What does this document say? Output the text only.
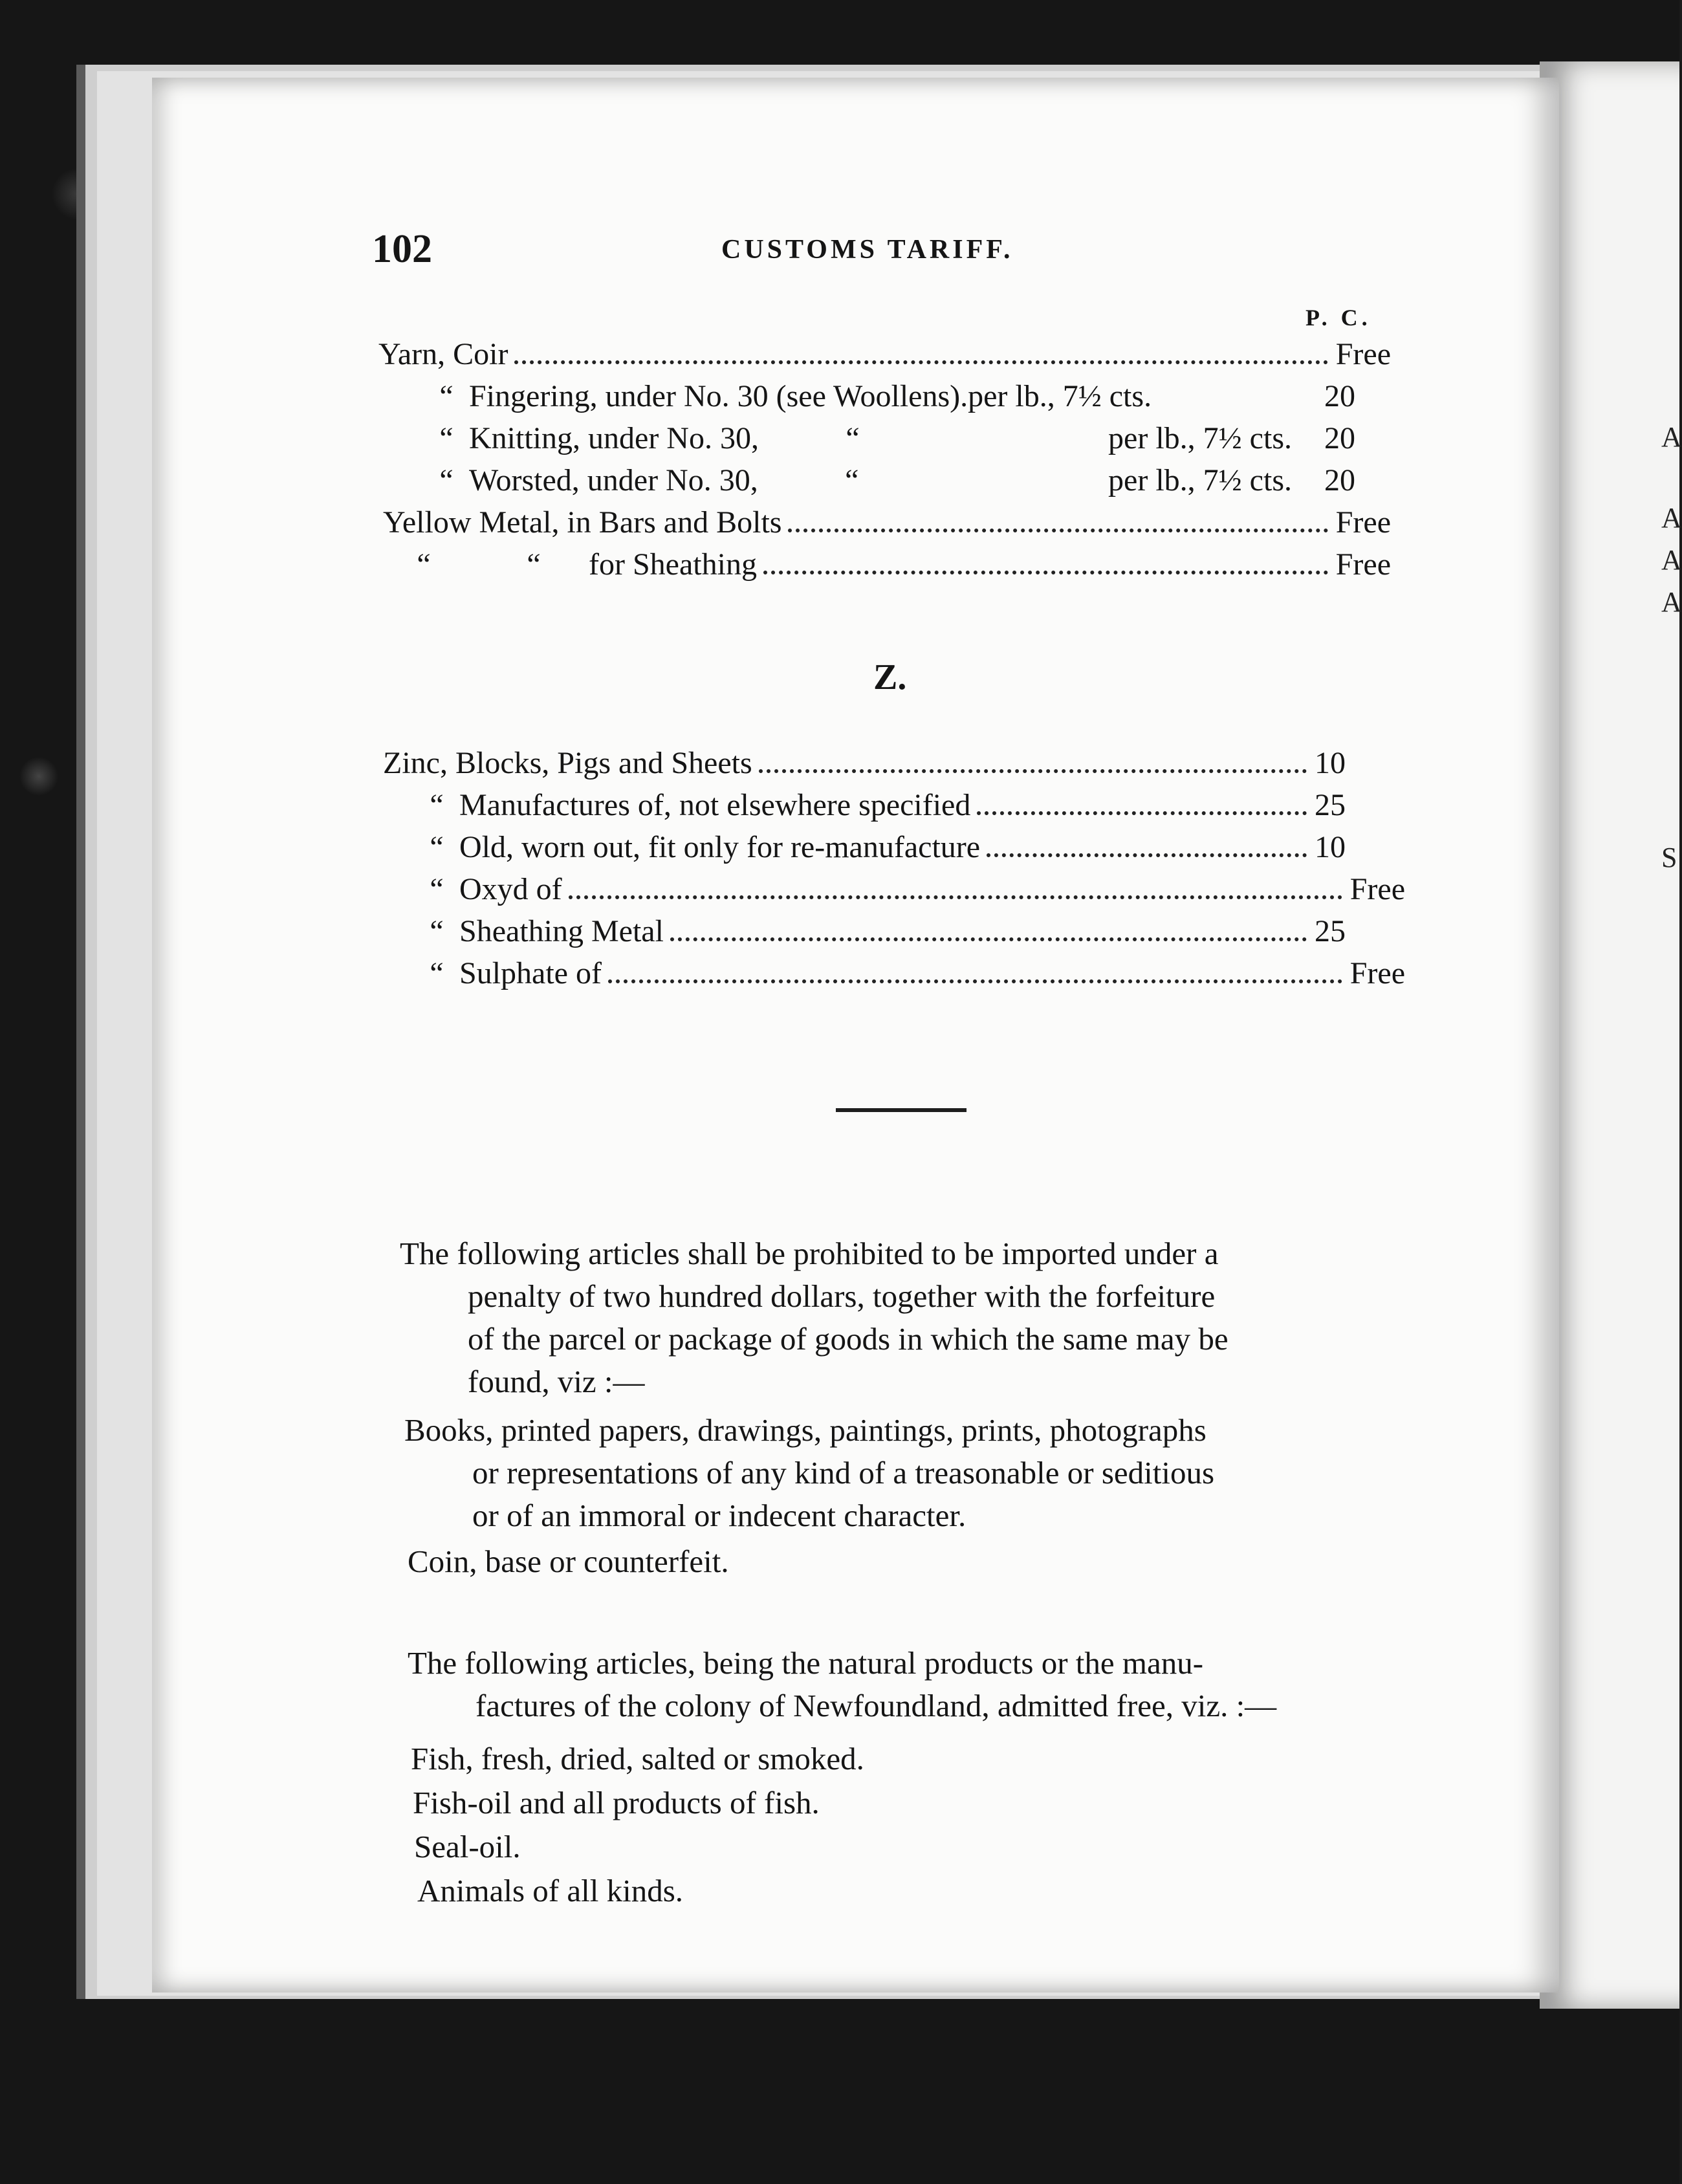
A
A
A
A
S
102	CUSTOMS TARIFF.
P. C.
Yarn, Coir	Free
“ Fingering, under No. 30 (see Woollens).per lb., 7½ cts.	20
“ Knitting, under No. 30,	“	per lb., 7½ cts. 20
“ Worsted, under No. 30,	“	per lb., 7½ cts. 20
Yellow Metal, in Bars and Bolts	Free
“	“	for Sheathing	Free
Z.
Zinc, Blocks, Pigs and Sheets	10
“ Manufactures of, not elsewhere specified	25
“ Old, worn out, fit only for re-manufacture	10
“ Oxyd of	Free
“ Sheathing Metal	25
“ Sulphate of	Free
The following articles shall be prohibited to be imported under a
penalty of two hundred dollars, together with the forfeiture
of the parcel or package of goods in which the same may be
found, viz :—
Books, printed papers, drawings, paintings, prints, photographs
or representations of any kind of a treasonable or seditious
or of an immoral or indecent character.
Coin, base or counterfeit.
The following articles, being the natural products or the manu-
factures of the colony of Newfoundland, admitted free, viz. :—
Fish, fresh, dried, salted or smoked.
Fish-oil and all products of fish.
Seal-oil.
Animals of all kinds.
